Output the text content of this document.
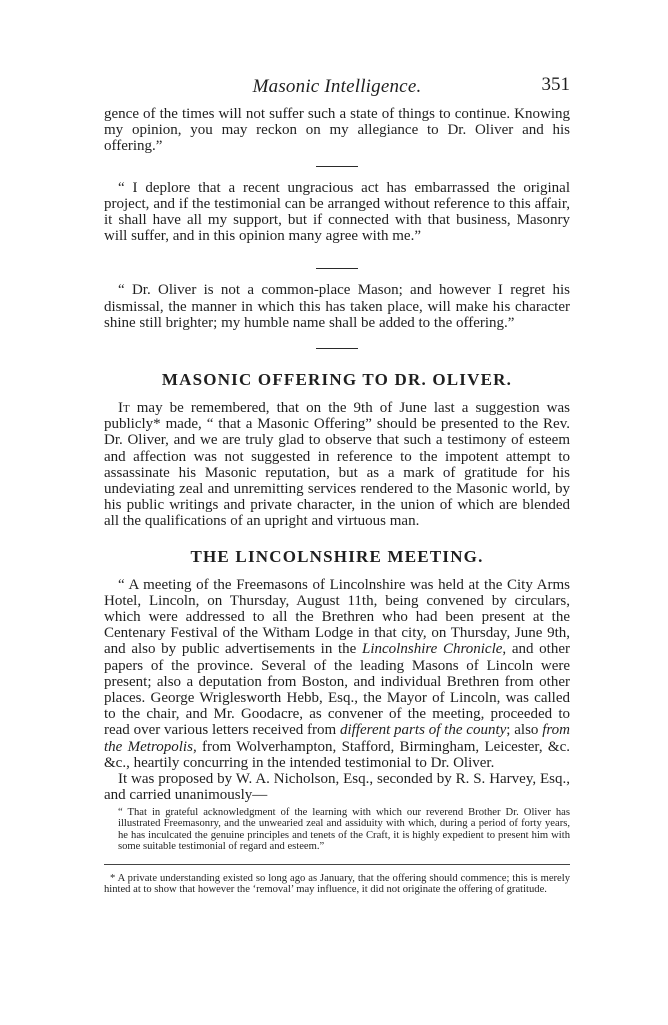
Masonic Intelligence.	351

gence of the times will not suffer such a state of things to continue. Knowing my opinion, you may reckon on my allegiance to Dr. Oliver and his offering.”

“ I deplore that a recent ungracious act has embarrassed the original project, and if the testimonial can be arranged without reference to this affair, it shall have all my support, but if connected with that business, Masonry will suffer, and in this opinion many agree with me.”

“ Dr. Oliver is not a common-place Mason; and however I regret his dismissal, the manner in which this has taken place, will make his character shine still brighter; my humble name shall be added to the offering.”

MASONIC OFFERING TO DR. OLIVER.

It may be remembered, that on the 9th of June last a suggestion was publicly* made, “ that a Masonic Offering” should be presented to the Rev. Dr. Oliver, and we are truly glad to observe that such a testimony of esteem and affection was not suggested in reference to the impotent attempt to assassinate his Masonic reputation, but as a mark of gratitude for his undeviating zeal and unremitting services rendered to the Masonic world, by his public writings and private character, in the union of which are blended all the qualifications of an upright and virtuous man.

THE LINCOLNSHIRE MEETING.

“ A meeting of the Freemasons of Lincolnshire was held at the City Arms Hotel, Lincoln, on Thursday, August 11th, being convened by circulars, which were addressed to all the Brethren who had been present at the Centenary Festival of the Witham Lodge in that city, on Thursday, June 9th, and also by public advertisements in the Lincolnshire Chronicle, and other papers of the province. Several of the leading Masons of Lincoln were present; also a deputation from Boston, and individual Brethren from other places. George Wriglesworth Hebb, Esq., the Mayor of Lincoln, was called to the chair, and Mr. Goodacre, as convener of the meeting, proceeded to read over various letters received from different parts of the county; also from the Metropolis, from Wolverhampton, Stafford, Birmingham, Leicester, &c. &c., heartily concurring in the intended testimonial to Dr. Oliver.

It was proposed by W. A. Nicholson, Esq., seconded by R. S. Harvey, Esq., and carried unanimously—

“ That in grateful acknowledgment of the learning with which our reverend Brother Dr. Oliver has illustrated Freemasonry, and the unwearied zeal and assiduity with which, during a period of forty years, he has inculcated the genuine principles and tenets of the Craft, it is highly expedient to present him with some suitable testimonial of regard and esteem.”

* A private understanding existed so long ago as January, that the offering should commence; this is merely hinted at to show that however the ‘removal’ may influence, it did not originate the offering of gratitude.
